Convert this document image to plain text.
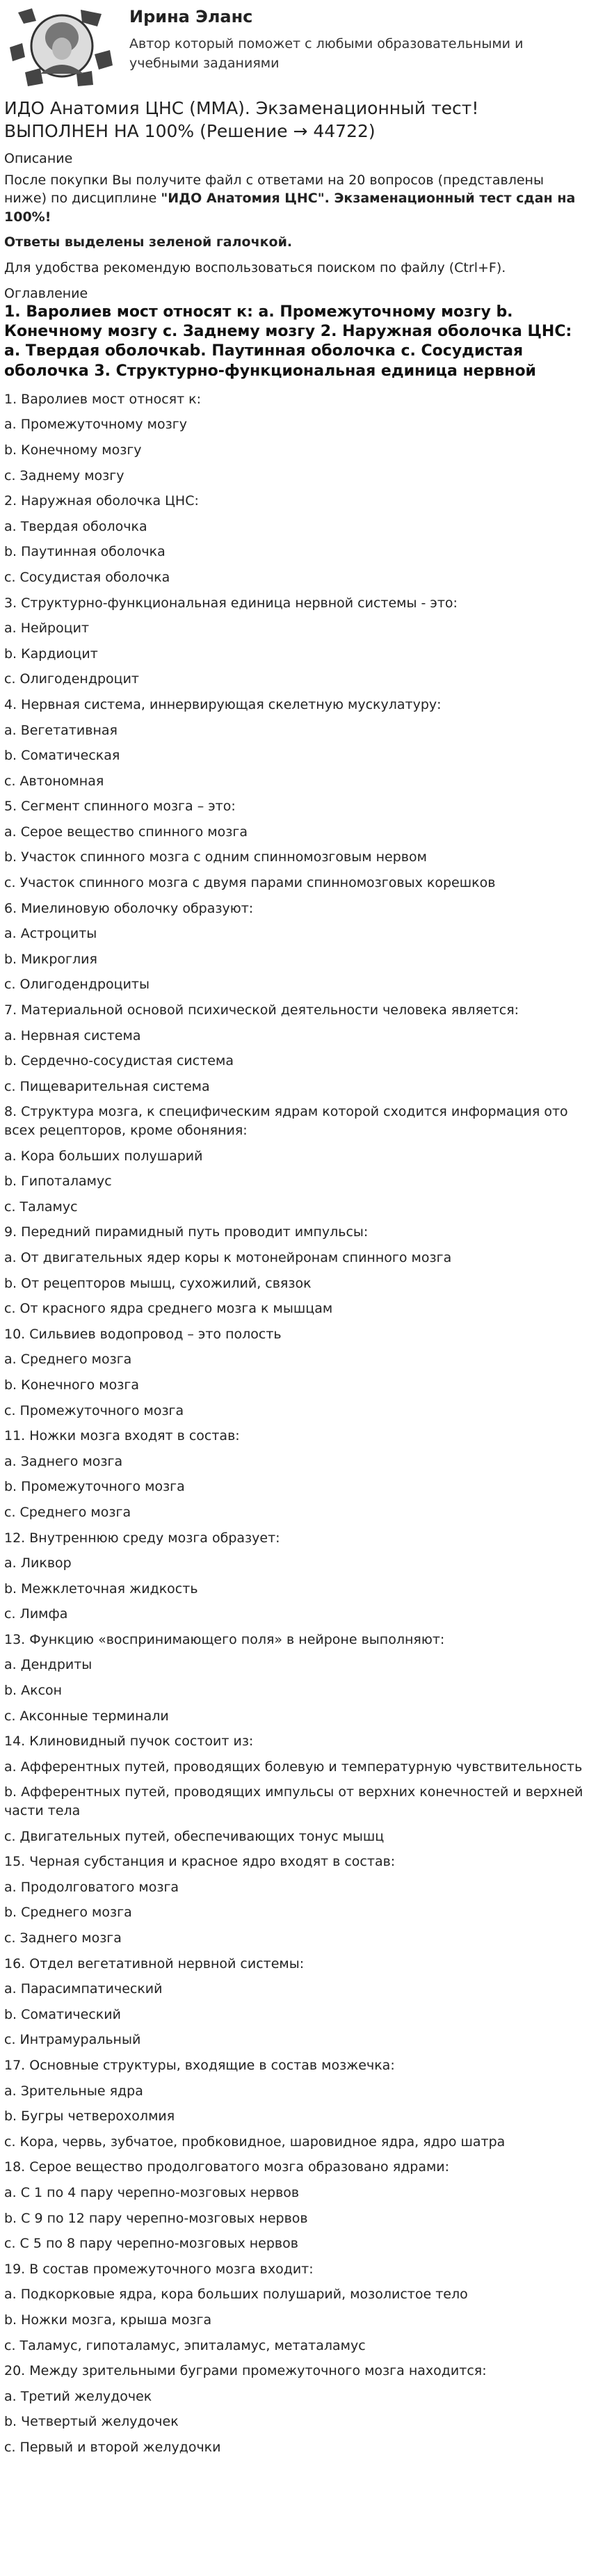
Ирина Эланс
Автор который поможет с любыми образовательными и учебными заданиями
ИДО Анатомия ЦНС (ММА). Экзаменационный тест! ВЫПОЛНЕН НА 100% (Решение → 44722)
Описание

После покупки Вы получите файл с ответами на 20 вопросов (представлены ниже) по дисциплине "ИДО Анатомия ЦНС". Экзаменационный тест сдан на 100%!

Ответы выделены зеленой галочкой.

Для удобства рекомендую воспользоваться поиском по файлу (Ctrl+F).

Оглавление
1. Варолиев мост относят к: a. Промежуточному мозгу b. Конечному мозгу c. Заднему мозгу 2. Наружная оболочка ЦНС: a. Твердая оболочкаb. Паутинная оболочка c. Сосудистая оболочка 3. Структурно-функциональная единица нервной

1. Варолиев мост относят к:

a. Промежуточному мозгу

b. Конечному мозгу

c. Заднему мозгу

2. Наружная оболочка ЦНС:

a. Твердая оболочка

b. Паутинная оболочка

c. Сосудистая оболочка

3. Структурно-функциональная единица нервной системы - это:

a. Нейроцит

b. Кардиоцит

c. Олигодендроцит

4. Нервная система, иннервирующая скелетную мускулатуру:

a. Вегетативная

b. Соматическая

c. Автономная

5. Сегмент спинного мозга – это:

a. Серое вещество спинного мозга

b. Участок спинного мозга с одним спинномозговым нервом

c. Участок спинного мозга с двумя парами спинномозговых корешков

6. Миелиновую оболочку образуют:

a. Астроциты

b. Микроглия

c. Олигодендроциты

7. Материальной основой психической деятельности человека является:

a. Нервная система

b. Сердечно-сосудистая система

c. Пищеварительная система

8. Структура мозга, к специфическим ядрам которой сходится информация ото всех рецепторов, кроме обоняния:

a. Кора больших полушарий

b. Гипоталамус

c. Таламус

9. Передний пирамидный путь проводит импульсы:

a. От двигательных ядер коры к мотонейронам спинного мозга

b. От рецепторов мышц, сухожилий, связок

c. От красного ядра среднего мозга к мышцам

10. Сильвиев водопровод – это полость

a. Среднего мозга

b. Конечного мозга

c. Промежуточного мозга

11. Ножки мозга входят в состав:

a. Заднего мозга

b. Промежуточного мозга

c. Среднего мозга

12. Внутреннюю среду мозга образует:

a. Ликвор

b. Межклеточная жидкость

c. Лимфа

13. Функцию «воспринимающего поля» в нейроне выполняют:

a. Дендриты

b. Аксон

c. Аксонные терминали

14. Клиновидный пучок состоит из:

a. Афферентных путей, проводящих болевую и температурную чувствительность

b. Афферентных путей, проводящих импульсы от верхних конечностей и верхней части тела

c. Двигательных путей, обеспечивающих тонус мышц

15. Черная субстанция и красное ядро входят в состав:

a. Продолговатого мозга

b. Среднего мозга

c. Заднего мозга

16. Отдел вегетативной нервной системы:

a. Парасимпатический

b. Соматический

c. Интрамуральный

17. Основные структуры, входящие в состав мозжечка:

a. Зрительные ядра

b. Бугры четверохолмия

c. Кора, червь, зубчатое, пробковидное, шаровидное ядра, ядро шатра

18. Серое вещество продолговатого мозга образовано ядрами:

a. С 1 по 4 пару черепно-мозговых нервов

b. С 9 по 12 пару черепно-мозговых нервов

c. С 5 по 8 пару черепно-мозговых нервов

19. В состав промежуточного мозга входит:

a. Подкорковые ядра, кора больших полушарий, мозолистое тело

b. Ножки мозга, крыша мозга

c. Таламус, гипоталамус, эпиталамус, метаталамус

20. Между зрительными буграми промежуточного мозга находится:

a. Третий желудочек

b. Четвертый желудочек

c. Первый и второй желудочки
